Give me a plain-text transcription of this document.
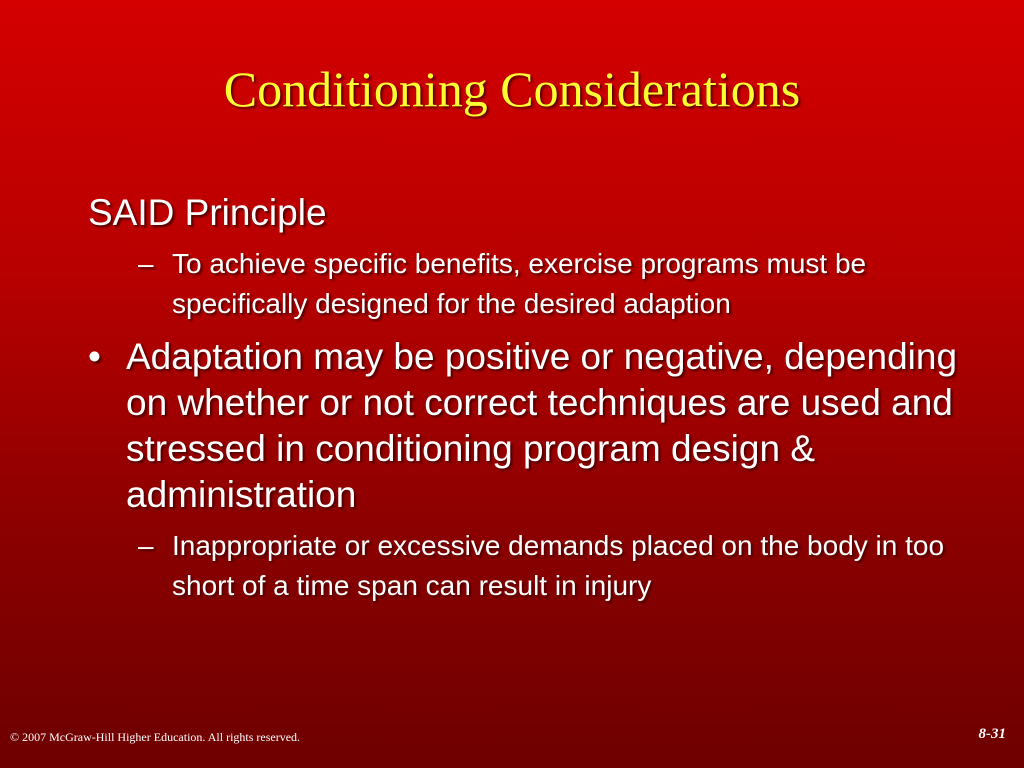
Conditioning Considerations

SAID Principle

– To achieve specific benefits, exercise programs must be specifically designed for the desired adaption
• Adaptation may be positive or negative, depending on whether or not correct techniques are used and stressed in conditioning program design & administration
– Inappropriate or excessive demands placed on the body in too short of a time span can result in injury
© 2007 McGraw-Hill Higher Education. All rights reserved.	8-31
